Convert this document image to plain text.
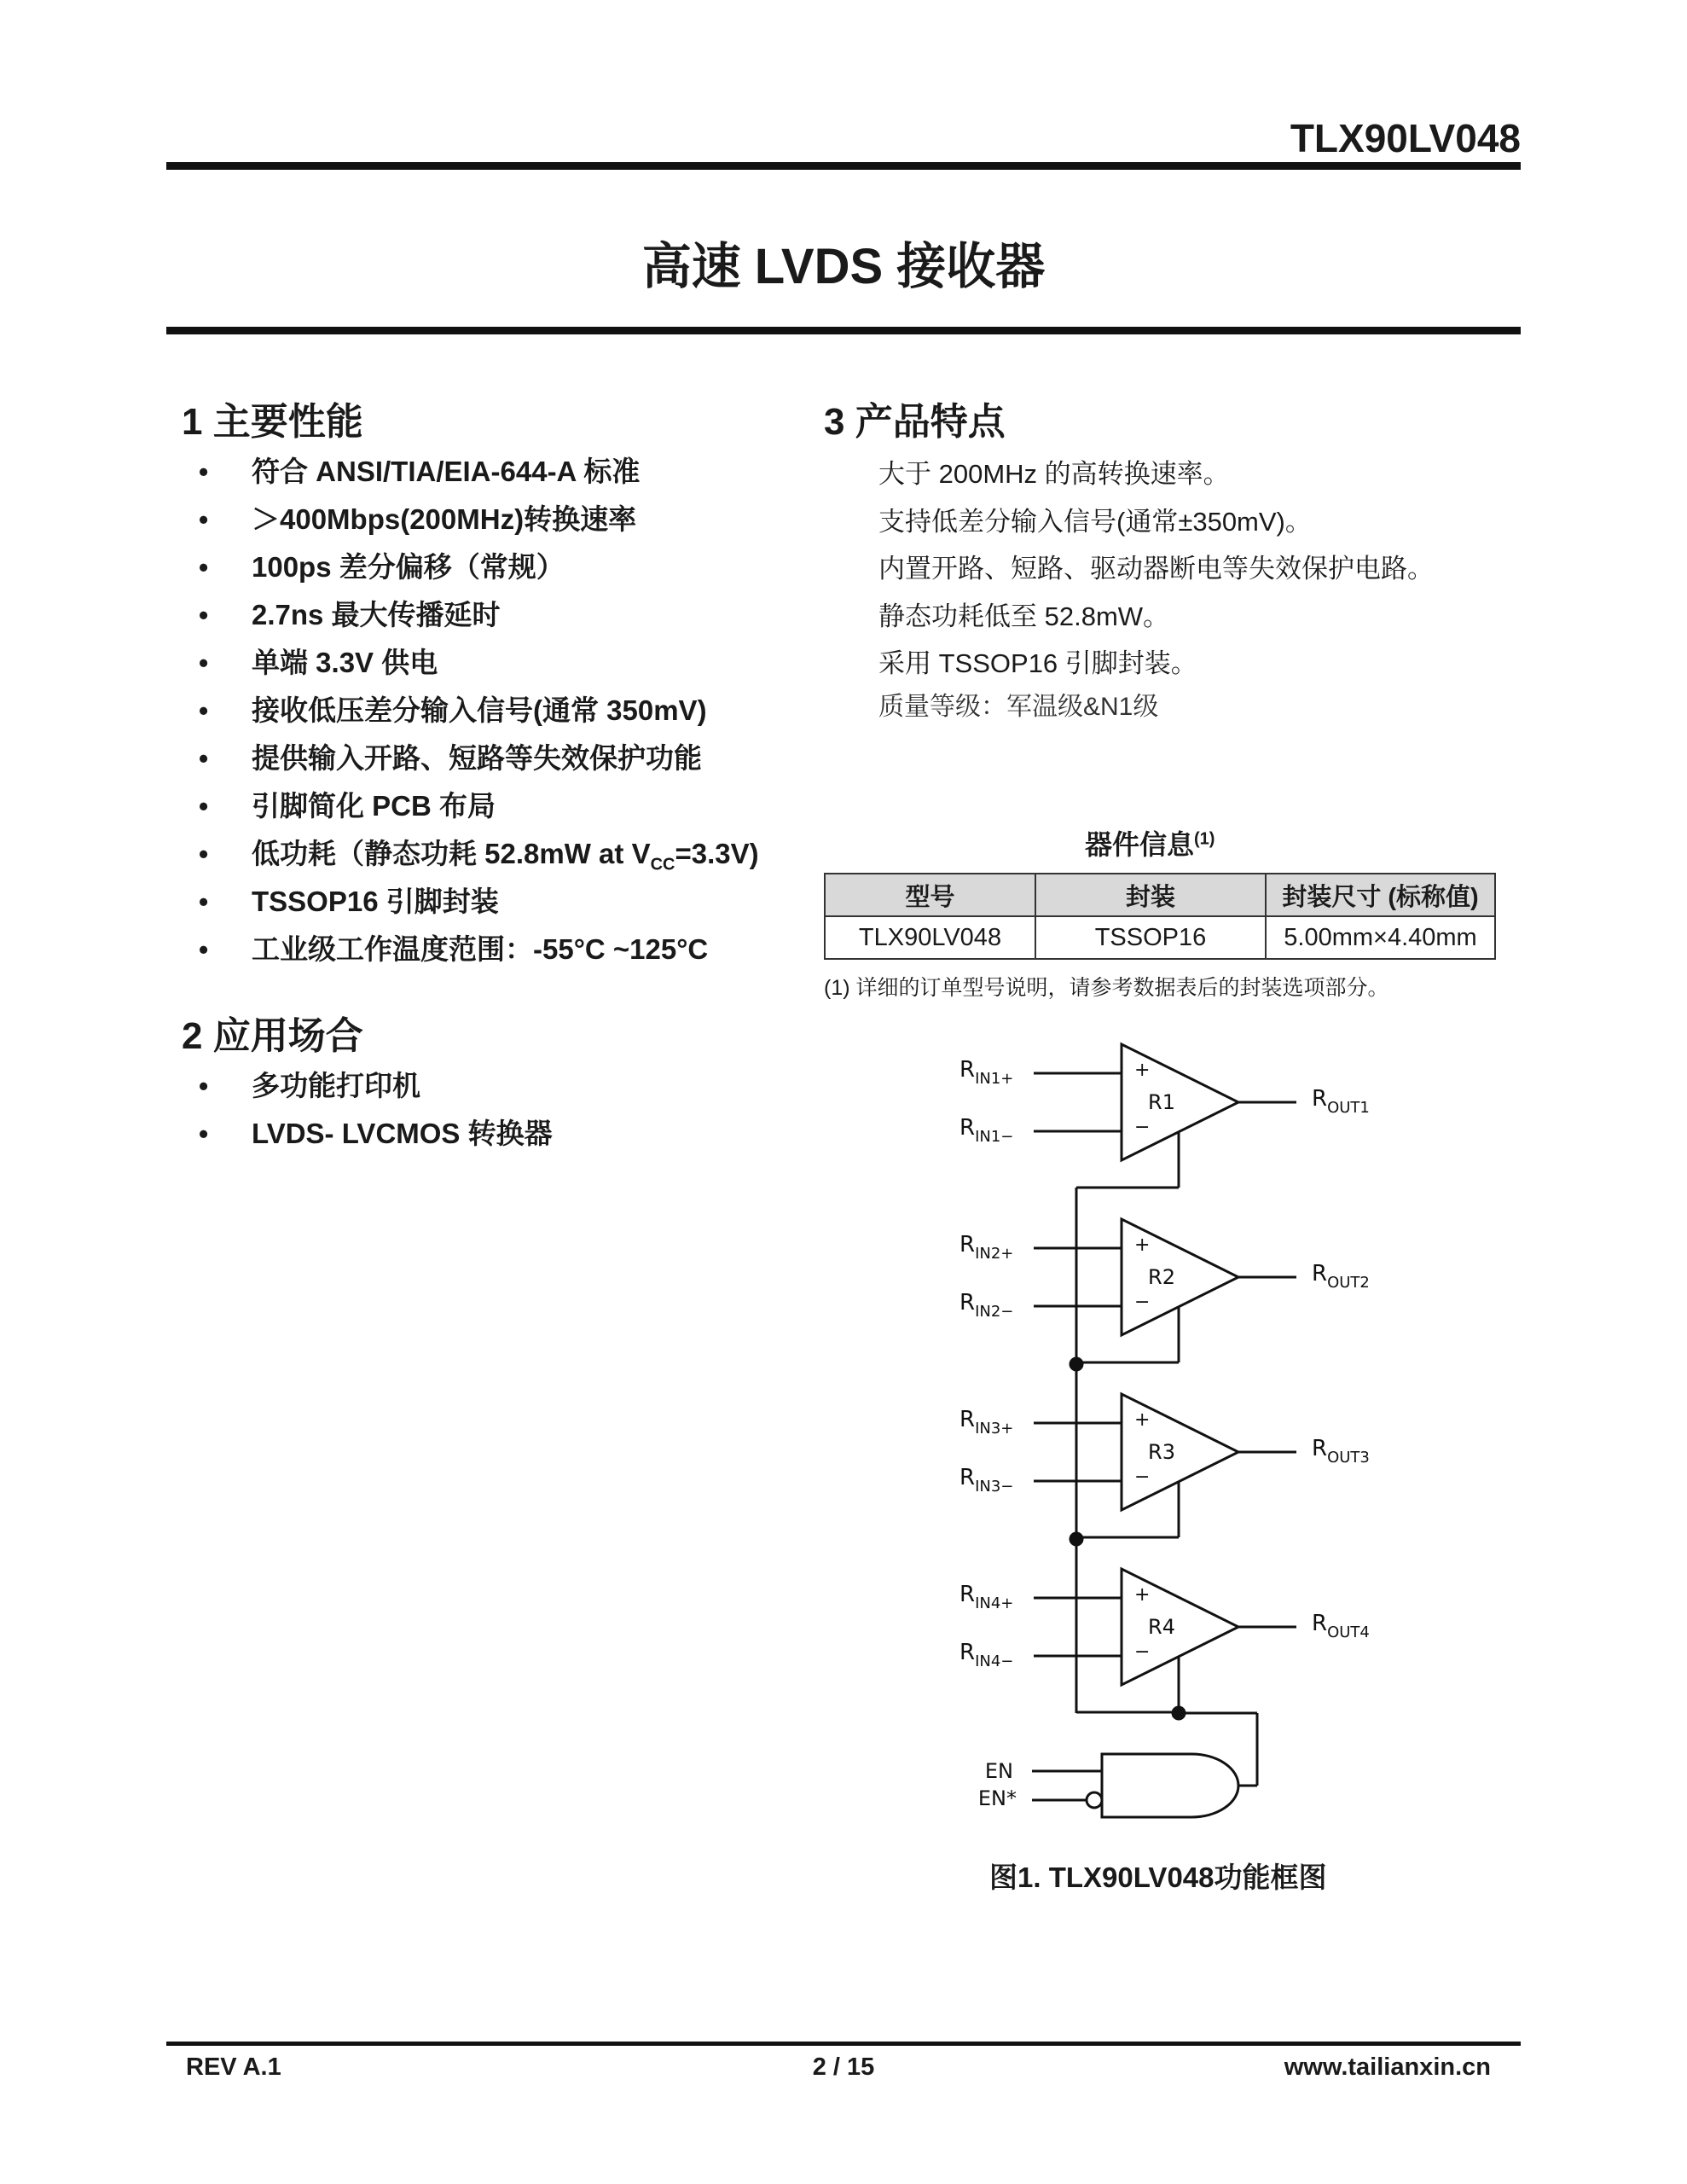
TLX90LV048
高速 LVDS 接收器
1 主要性能
• 符合 ANSI/TIA/EIA-644-A 标准
• ＞400Mbps(200MHz)转换速率
• 100ps 差分偏移（常规）
• 2.7ns 最大传播延时
• 单端 3.3V 供电
• 接收低压差分输入信号(通常 350mV)
• 提供输入开路、短路等失效保护功能
• 引脚简化 PCB 布局
• 低功耗（静态功耗 52.8mW at $V_{CC}=3.3V$)
• TSSOP16 引脚封装
• 工业级工作温度范围：-55°C ~125°C
2 应用场合
• 多功能打印机
• LVDS- LVCMOS 转换器
3 产品特点

大于 200MHz 的高转换速率。

支持低差分输入信号(通常±350mV)。

内置开路、短路、驱动器断电等失效保护电路。

静态功耗低至 52.8mW。

采用 TSSOP16 引脚封装。

质量等级：军温级&N1级

器件信息$^{(1)}$
型号	封装	封装尺寸 (标称值)
TLX90LV048	TSSOP16	5.00mm×4.40mm
(1) 详细的订单型号说明，请参考数据表后的封装选项部分。
+
−
R1
$R_{IN1+}$
$R_{IN1-}$
$R_{OUT1}$
+
−
R2
$R_{IN2+}$
$R_{IN2-}$
$R_{OUT2}$
+
−
R3
$R_{IN3+}$
$R_{IN3-}$
$R_{OUT3}$
+
−
R4
$R_{IN4+}$
$R_{IN4-}$
$R_{OUT4}$
EN
EN*
图1. TLX90LV048功能框图
REV A.1	2 / 15	www.tailianxin.cn
